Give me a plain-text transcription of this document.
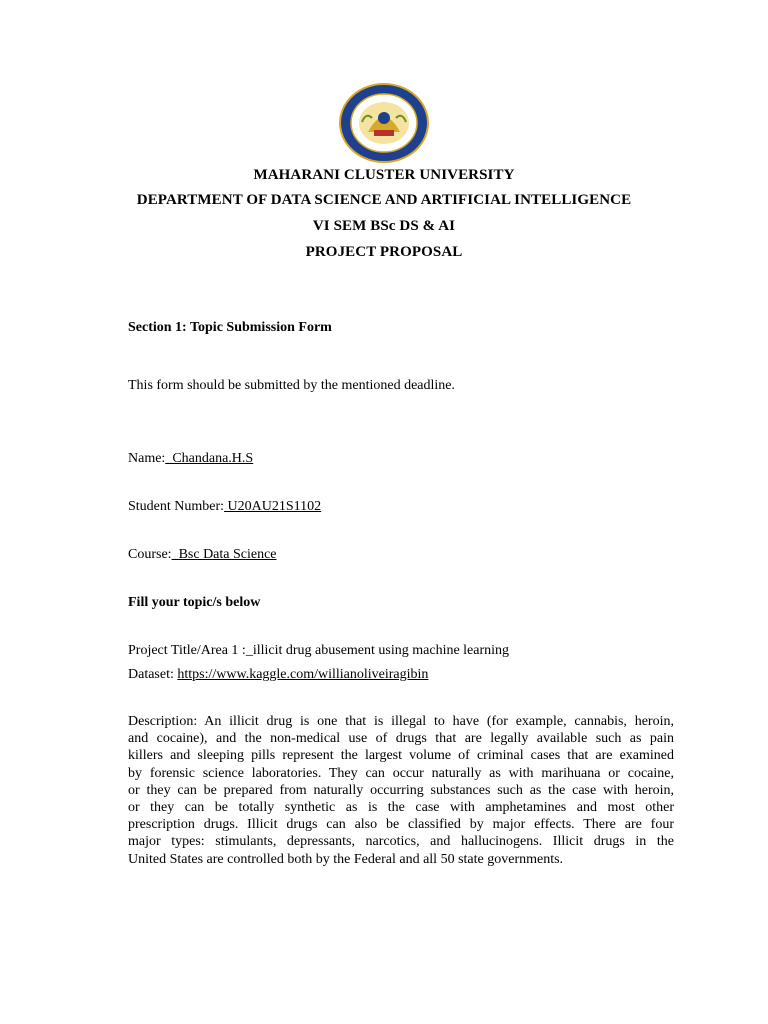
MAHARANI CLUSTER UNIVERSITY
DEPARTMENT OF DATA SCIENCE AND ARTIFICIAL INTELLIGENCE
VI SEM BSc DS & AI
PROJECT PROPOSAL
Section 1: Topic Submission Form
This form should be submitted by the mentioned deadline.
Name:_Chandana.H.S
Student Number: U20AU21S1102
Course:_Bsc Data Science
Fill your topic/s below
Project Title/Area 1 :_illicit drug abusement using machine learning
Dataset: https://www.kaggle.com/willianoliveiragibin
Description: An illicit drug is one that is illegal to have (for example, cannabis, heroin,
and cocaine), and the non-medical use of drugs that are legally available such as pain
killers and sleeping pills represent the largest volume of criminal cases that are examined
by forensic science laboratories. They can occur naturally as with marihuana or cocaine,
or they can be prepared from naturally occurring substances such as the case with heroin,
or they can be totally synthetic as is the case with amphetamines and most other
prescription drugs. Illicit drugs can also be classified by major effects. There are four
major types: stimulants, depressants, narcotics, and hallucinogens. Illicit drugs in the
United States are controlled both by the Federal and all 50 state governments.
